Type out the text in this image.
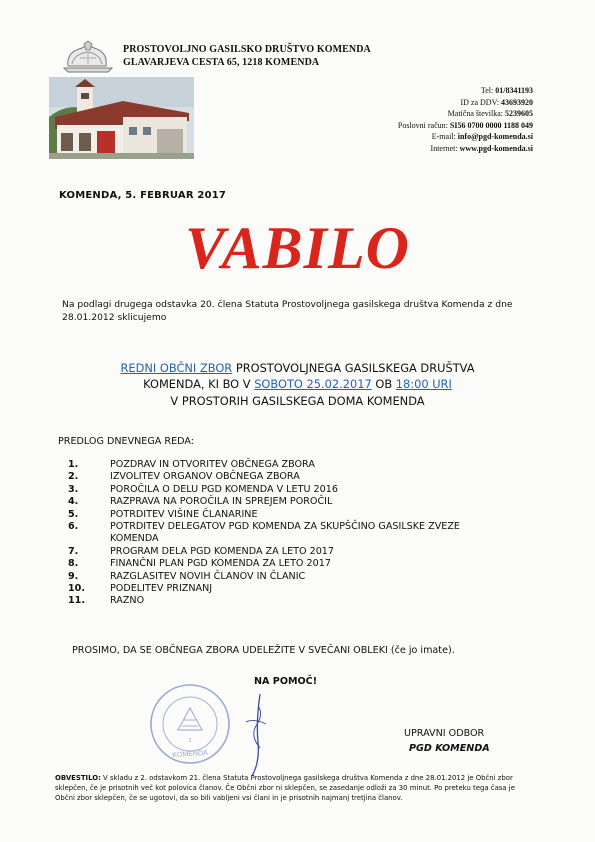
PROSTOVOLJNO GASILSKO DRUŠTVO KOMENDA
GLAVARJEVA CESTA 65, 1218 KOMENDA
Tel: 01/8341193
ID za DDV: 43693920
Matična številka: 5239605
Poslovni račun: SI56 0700 0000 1188 049
E-mail: info@pgd-komenda.si
Internet: www.pgd-komenda.si
KOMENDA, 5. FEBRUAR 2017
VABILO
Na podlagi drugega odstavka 20. člena Statuta Prostovoljnega gasilskega društva Komenda z dne 28.01.2012 sklicujemo
REDNI OBČNI ZBOR PROSTOVOLJNEGA GASILSKEGA DRUŠTVA
KOMENDA, KI BO V SOBOTO 25.02.2017 OB 18:00 URI
V PROSTORIH GASILSKEGA DOMA KOMENDA
PREDLOG DNEVNEGA REDA:
1.	POZDRAV IN OTVORITEV OBČNEGA ZBORA
2.	IZVOLITEV ORGANOV OBČNEGA ZBORA
3.	POROČILA O DELU PGD KOMENDA V LETU 2016
4.	RAZPRAVA NA POROČILA IN SPREJEM POROČIL
5.	POTRDITEV VIŠINE ČLANARINE
6.	POTRDITEV DELEGATOV PGD KOMENDA ZA SKUPŠČINO GASILSKE ZVEZE KOMENDA
7.	PROGRAM DELA PGD KOMENDA ZA LETO 2017
8.	FINANČNI PLAN PGD KOMENDA ZA LETO 2017
9.	RAZGLASITEV NOVIH ČLANOV IN ČLANIC
10.	PODELITEV PRIZNANJ
11.	RAZNO
PROSIMO, DA SE OBČNEGA ZBORA UDELEŽITE V SVEČANI OBLEKI (če jo imate).
NA POMOČ!
2
KOMENDA
UPRAVNI ODBOR
PGD KOMENDA
OBVESTILO: V skladu z 2. odstavkom 21. člena Statuta Prostovoljnega gasilskega društva Komenda z dne 28.01.2012 je Občni zbor sklepčen, če je prisotnih več kot polovica članov. Če Občni zbor ni sklepčen, se zasedanje odloži za 30 minut. Po preteku tega časa je Občni zbor sklepčen, če se ugotovi, da so bili vabljeni vsi člani in je prisotnih najmanj tretjina članov.
